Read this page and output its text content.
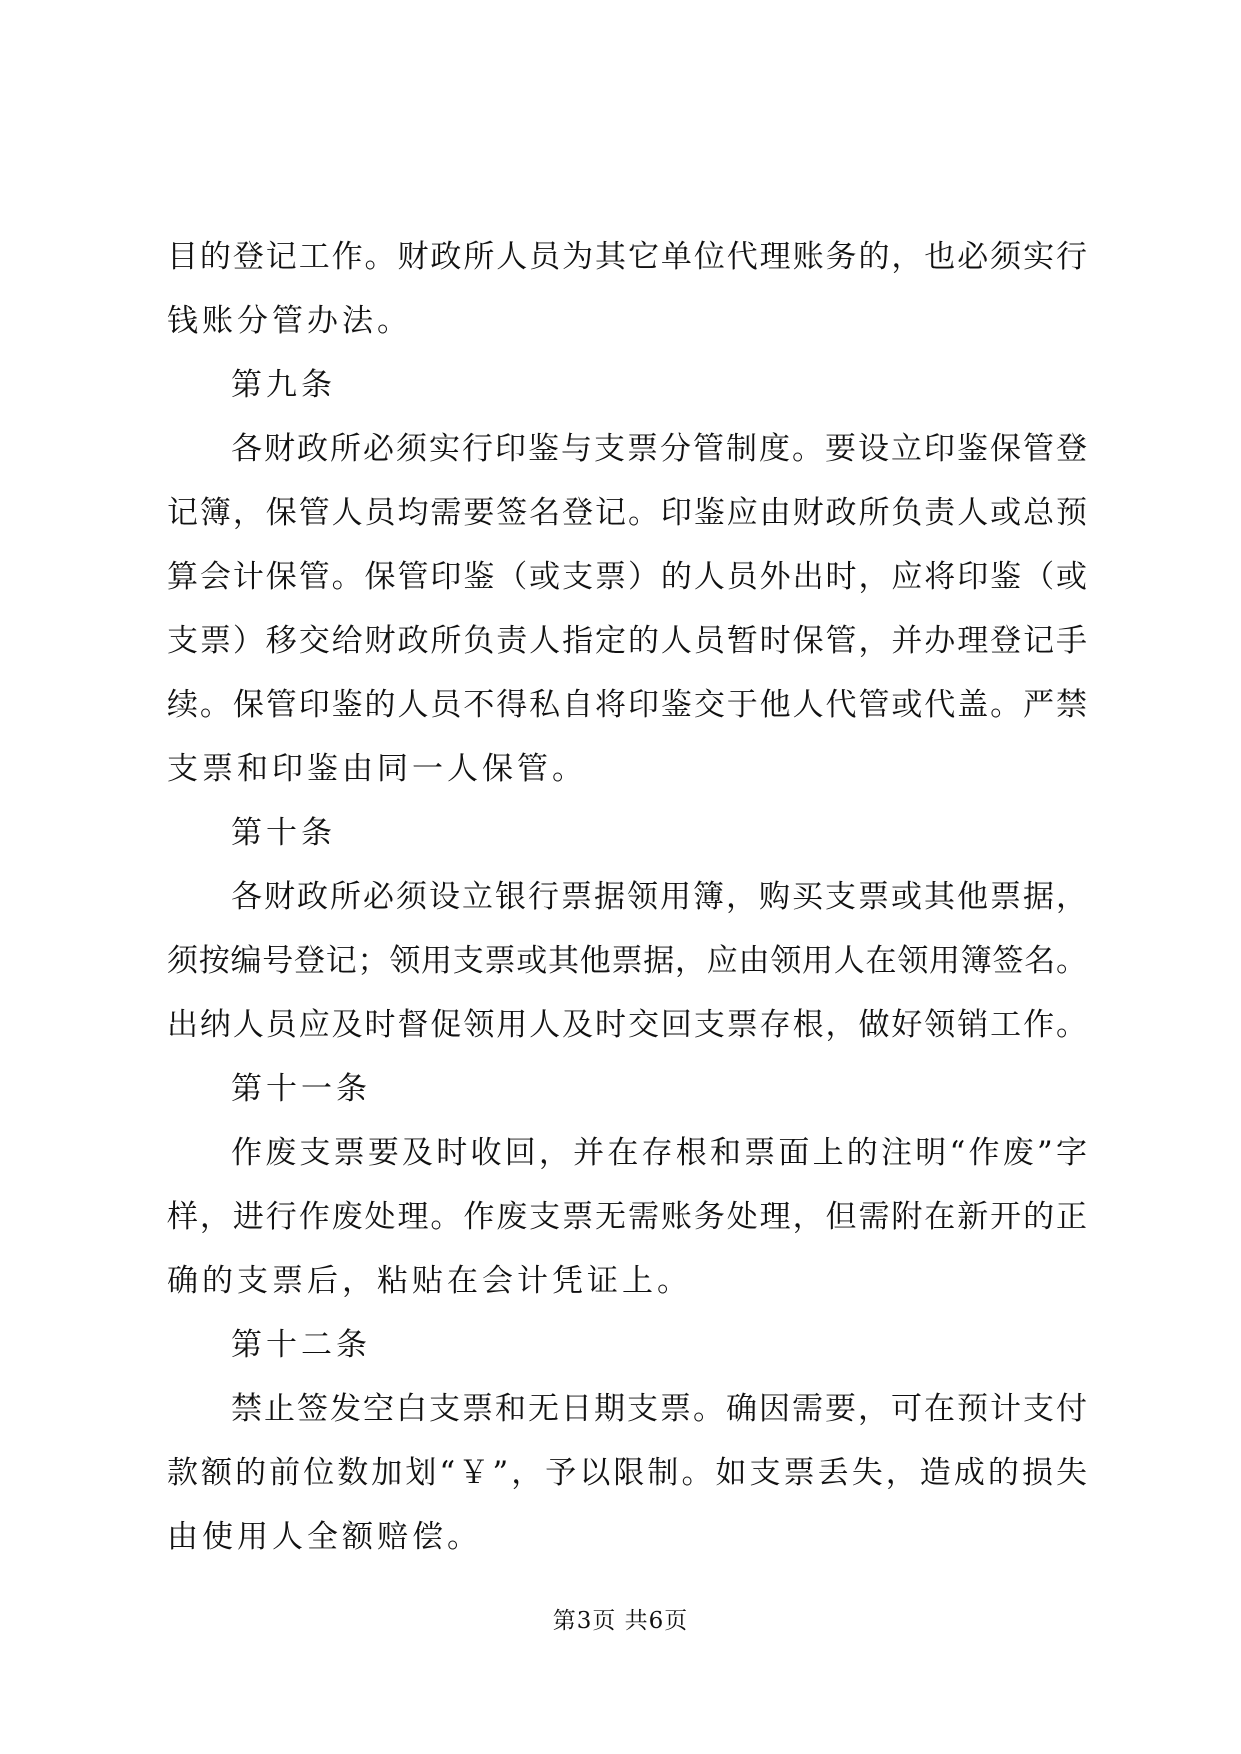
目的登记工作。财政所人员为其它单位代理账务的，也必须实行
钱账分管办法。
第九条
各财政所必须实行印鉴与支票分管制度。要设立印鉴保管登
记簿，保管人员均需要签名登记。印鉴应由财政所负责人或总预
算会计保管。保管印鉴（或支票）的人员外出时，应将印鉴（或
支票）移交给财政所负责人指定的人员暂时保管，并办理登记手
续。保管印鉴的人员不得私自将印鉴交于他人代管或代盖。严禁
支票和印鉴由同一人保管。
第十条
各财政所必须设立银行票据领用簿，购买支票或其他票据，
须按编号登记；领用支票或其他票据，应由领用人在领用簿签名。
出纳人员应及时督促领用人及时交回支票存根，做好领销工作。
第十一条
作废支票要及时收回，并在存根和票面上的注明“作废”字
样，进行作废处理。作废支票无需账务处理，但需附在新开的正
确的支票后，粘贴在会计凭证上。
第十二条
禁止签发空白支票和无日期支票。确因需要，可在预计支付
款额的前位数加划“￥”，予以限制。如支票丢失，造成的损失
由使用人全额赔偿。
第3页 共6页
